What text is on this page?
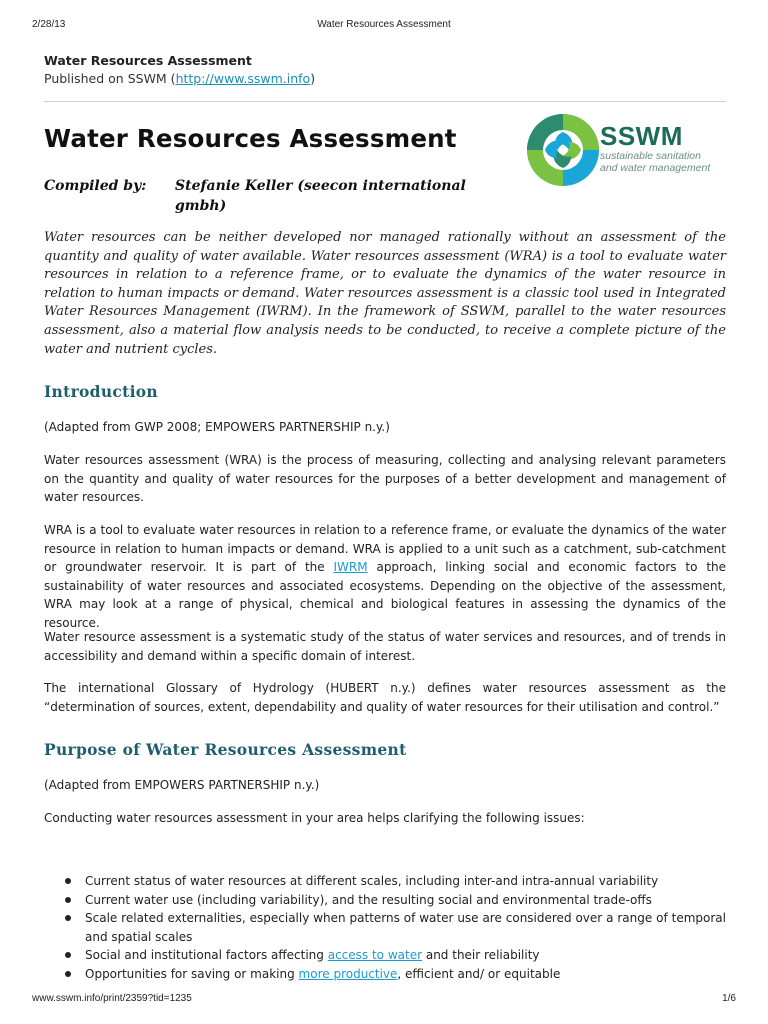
2/28/13	Water Resources Assessment
Water Resources Assessment
Published on SSWM (http://www.sswm.info)
Water Resources Assessment	SSWM
sustainable sanitation
and water management
Compiled by: Stefanie Keller (seecon international gmbh)

Water resources can be neither developed nor managed rationally without an assessment of the quantity and quality of water available. Water resources assessment (WRA) is a tool to evaluate water resources in relation to a reference frame, or to evaluate the dynamics of the water resource in relation to human impacts or demand. Water resources assessment is a classic tool used in Integrated Water Resources Management (IWRM). In the framework of SSWM, parallel to the water resources assessment, also a material flow analysis needs to be conducted, to receive a complete picture of the water and nutrient cycles.

Introduction

(Adapted from GWP 2008; EMPOWERS PARTNERSHIP n.y.)

Water resources assessment (WRA) is the process of measuring, collecting and analysing relevant parameters on the quantity and quality of water resources for the purposes of a better development and management of water resources.

WRA is a tool to evaluate water resources in relation to a reference frame, or evaluate the dynamics of the water resource in relation to human impacts or demand. WRA is applied to a unit such as a catchment, sub-catchment or groundwater reservoir. It is part of the IWRM approach, linking social and economic factors to the sustainability of water resources and associated ecosystems. Depending on the objective of the assessment, WRA may look at a range of physical, chemical and biological features in assessing the dynamics of the resource.

Water resource assessment is a systematic study of the status of water services and resources, and of trends in accessibility and demand within a specific domain of interest.

The international Glossary of Hydrology (HUBERT n.y.) defines water resources assessment as the “determination of sources, extent, dependability and quality of water resources for their utilisation and control.”

Purpose of Water Resources Assessment

(Adapted from EMPOWERS PARTNERSHIP n.y.)

Conducting water resources assessment in your area helps clarifying the following issues:

Current status of water resources at different scales, including inter-and intra-annual variability
Current water use (including variability), and the resulting social and environmental trade-offs
Scale related externalities, especially when patterns of water use are considered over a range of temporal and spatial scales
Social and institutional factors affecting access to water and their reliability
Opportunities for saving or making more productive, efficient and/ or equitable
www.sswm.info/print/2359?tid=1235	1/6
